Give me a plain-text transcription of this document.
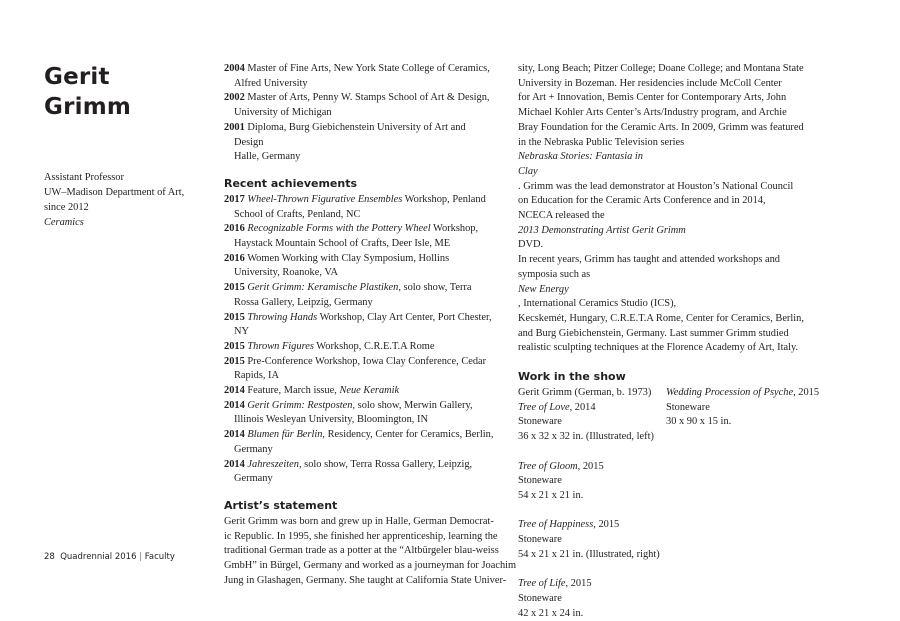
Gerit
Grimm
Assistant Professor
UW–Madison Department of Art,
since 2012
Ceramics
2004 Master of Fine Arts, New York State College of Ceramics,
Alfred University
2002 Master of Arts, Penny W. Stamps School of Art & Design,
University of Michigan
2001 Diploma, Burg Giebichenstein University of Art and Design
Halle, Germany
Recent achievements
2017 Wheel-Thrown Figurative Ensembles Workshop, Penland School of Crafts, Penland, NC
2016 Recognizable Forms with the Pottery Wheel Workshop, Haystack Mountain School of Crafts, Deer Isle, ME
2016 Women Working with Clay Symposium, Hollins University, Roanoke, VA
2015 Gerit Grimm: Keramische Plastiken, solo show, Terra Rossa Gallery, Leipzig, Germany
2015 Throwing Hands Workshop, Clay Art Center, Port Chester, NY
2015 Thrown Figures Workshop, C.R.E.T.A Rome
2015 Pre-Conference Workshop, Iowa Clay Conference, Cedar Rapids, IA
2014 Feature, March issue, Neue Keramik
2014 Gerit Grimm: Restposten, solo show, Merwin Gallery, Illinois Wesleyan University, Bloomington, IN
2014 Blumen für Berlin, Residency, Center for Ceramics, Berlin, Germany
2014 Jahreszeiten, solo show, Terra Rossa Gallery, Leipzig, Germany
Artist’s statement
Gerit Grimm was born and grew up in Halle, German Democrat-
ic Republic. In 1995, she finished her apprenticeship, learning the
traditional German trade as a potter at the “Altbürgeler blau-weiss
GmbH” in Bürgel, Germany and worked as a journeyman for Joachim
Jung in Glashagen, Germany. She taught at California State Univer-
sity, Long Beach; Pitzer College; Doane College; and Montana State
University in Bozeman. Her residencies include McColl Center
for Art + Innovation, Bemis Center for Contemporary Arts, John
Michael Kohler Arts Center’s Arts/Industry program, and Archie
Bray Foundation for the Ceramic Arts. In 2009, Grimm was featured
in the Nebraska Public Television series
Nebraska Stories: Fantasia in
Clay
. Grimm was the lead demonstrator at Houston’s National Council
on Education for the Ceramic Arts Conference and in 2014,
NCECA released the
2013 Demonstrating Artist Gerit Grimm
DVD.
In recent years, Grimm has taught and attended workshops and
symposia such as
New Energy
, International Ceramics Studio (ICS),
Kecskemét, Hungary, C.R.E.T.A Rome, Center for Ceramics, Berlin,
and Burg Giebichenstein, Germany. Last summer Grimm studied
realistic sculpting techniques at the Florence Academy of Art, Italy.
Work in the show
Gerit Grimm (German, b. 1973)
Tree of Love, 2014
Stoneware
36 x 32 x 32 in. (Illustrated, left)
Tree of Gloom, 2015
Stoneware
54 x 21 x 21 in.
Tree of Happiness, 2015
Stoneware
54 x 21 x 21 in. (Illustrated, right)
Tree of Life, 2015
Stoneware
42 x 21 x 24 in.
Wedding Procession of Psyche, 2015
Stoneware
30 x 90 x 15 in.
28 Quadrennial 2016 | Faculty
